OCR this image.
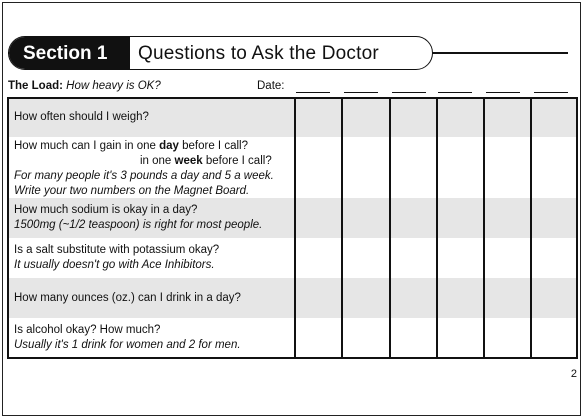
Section 1	Questions to Ask the Doctor
The Load: How heavy is OK?	Date:
How often should I weigh?
How much can I gain in one day before I call?
in one week before I call?
For many people it's 3 pounds a day and 5 a week.
Write your two numbers on the Magnet Board.
How much sodium is okay in a day?
1500mg (~1/2 teaspoon) is right for most people.
Is a salt substitute with potassium okay?
It usually doesn't go with Ace Inhibitors.
How many ounces (oz.) can I drink in a day?
Is alcohol okay? How much?
Usually it's 1 drink for women and 2 for men.
2
